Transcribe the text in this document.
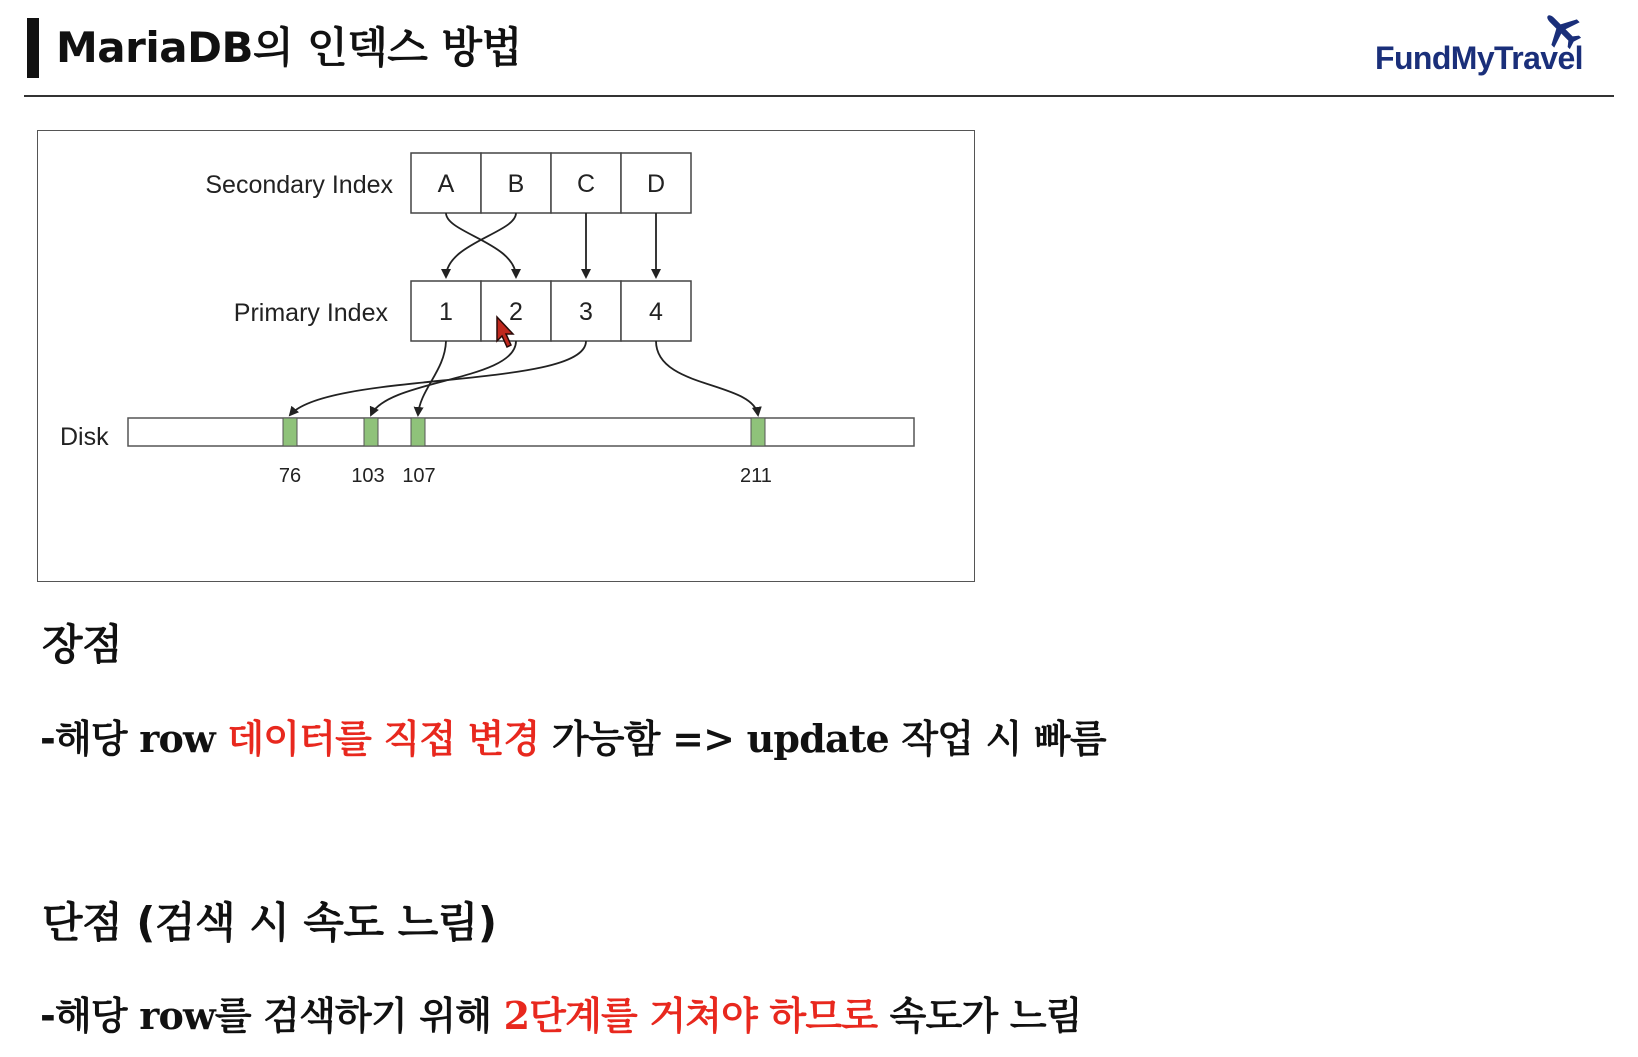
MariaDB의 인덱스 방법	FundMyTravel
Secondary Index
Primary Index
Disk
A B C D
1 2 3 4
76	103 107	211
장점
-해당 row 데이터를 직접 변경 가능함 => update 작업 시 빠름
단점 (검색 시 속도 느림)
-해당 row를 검색하기 위해 2단계를 거쳐야 하므로 속도가 느림
